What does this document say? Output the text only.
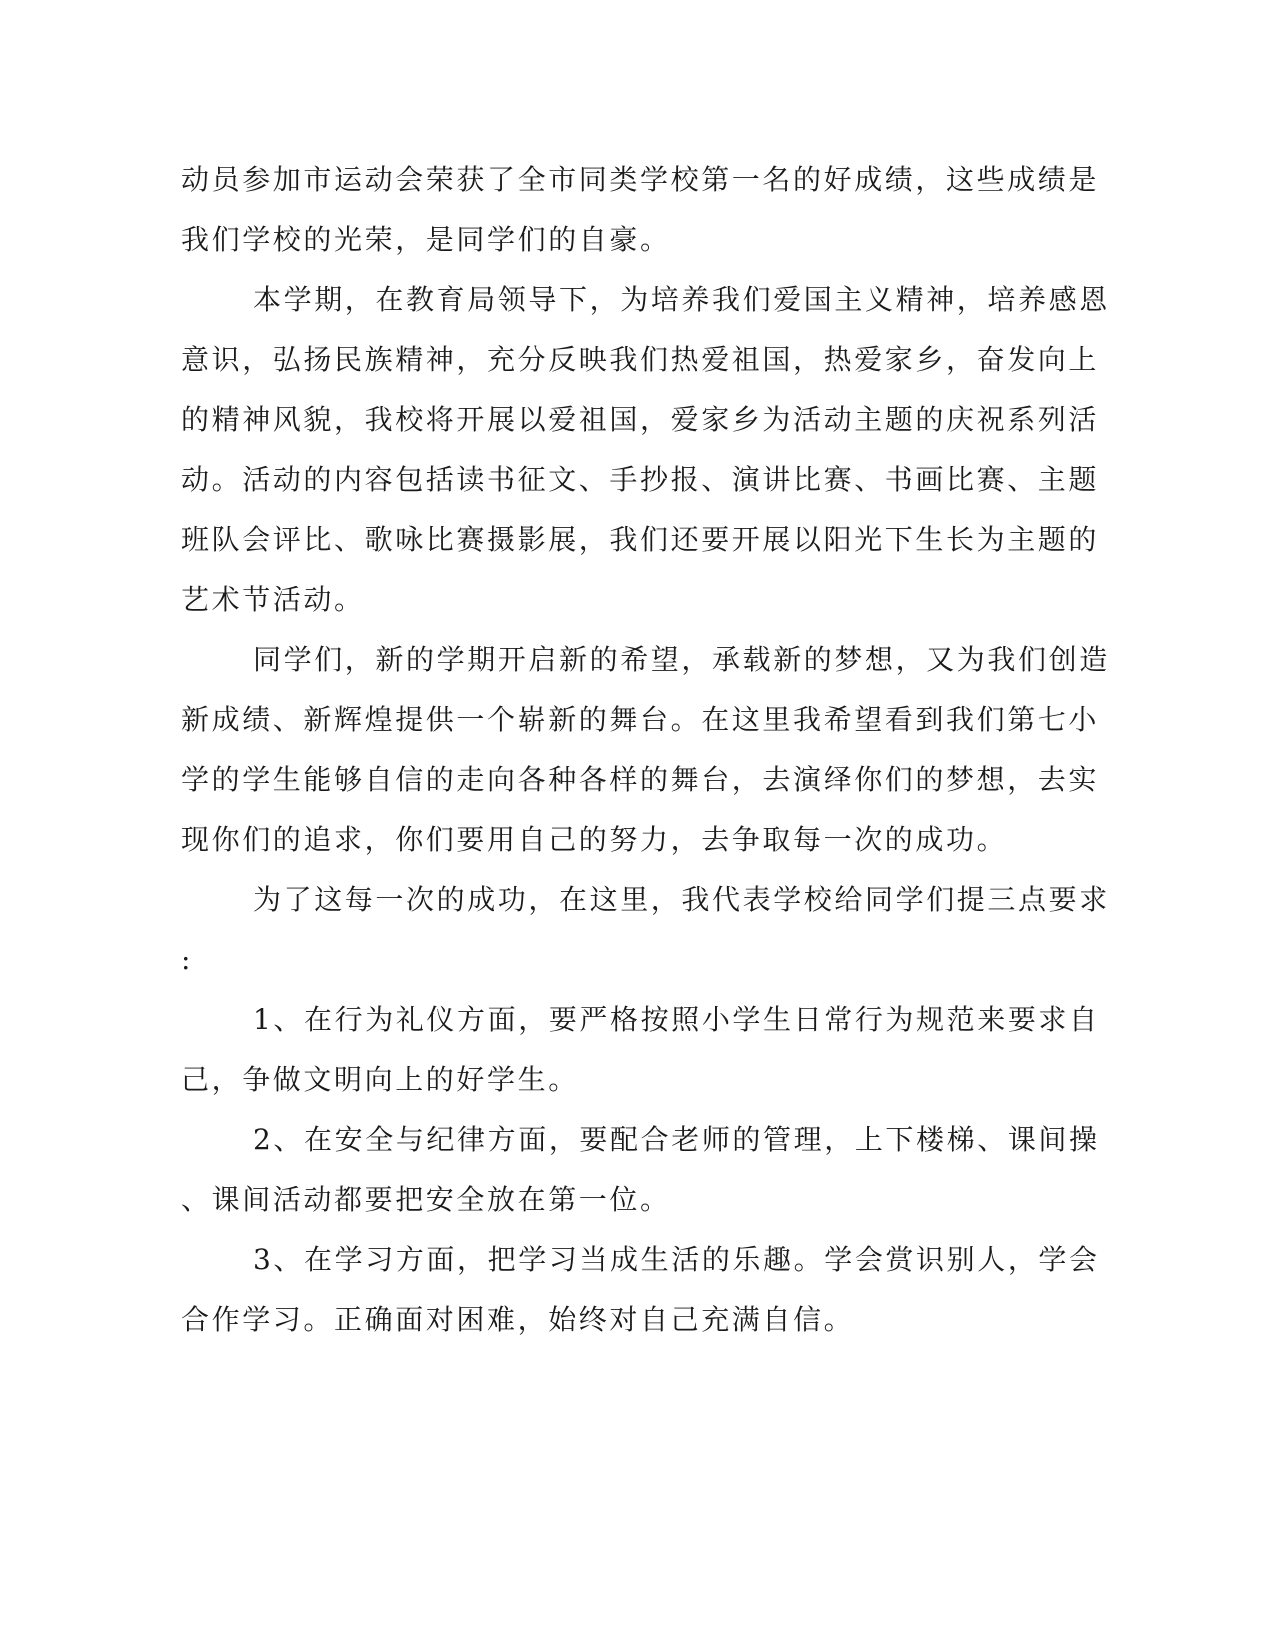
动员参加市运动会荣获了全市同类学校第一名的好成绩，这些成绩是
我们学校的光荣，是同学们的自豪。
本学期，在教育局领导下，为培养我们爱国主义精神，培养感恩
意识，弘扬民族精神，充分反映我们热爱祖国，热爱家乡，奋发向上
的精神风貌，我校将开展以爱祖国，爱家乡为活动主题的庆祝系列活
动。活动的内容包括读书征文、手抄报、演讲比赛、书画比赛、主题
班队会评比、歌咏比赛摄影展，我们还要开展以阳光下生长为主题的
艺术节活动。
同学们，新的学期开启新的希望，承载新的梦想，又为我们创造
新成绩、新辉煌提供一个崭新的舞台。在这里我希望看到我们第七小
学的学生能够自信的走向各种各样的舞台，去演绎你们的梦想，去实
现你们的追求，你们要用自己的努力，去争取每一次的成功。
为了这每一次的成功，在这里，我代表学校给同学们提三点要求
:
1、在行为礼仪方面，要严格按照小学生日常行为规范来要求自
己，争做文明向上的好学生。
2、在安全与纪律方面，要配合老师的管理，上下楼梯、课间操
、课间活动都要把安全放在第一位。
3、在学习方面，把学习当成生活的乐趣。学会赏识别人，学会
合作学习。正确面对困难，始终对自己充满自信。
